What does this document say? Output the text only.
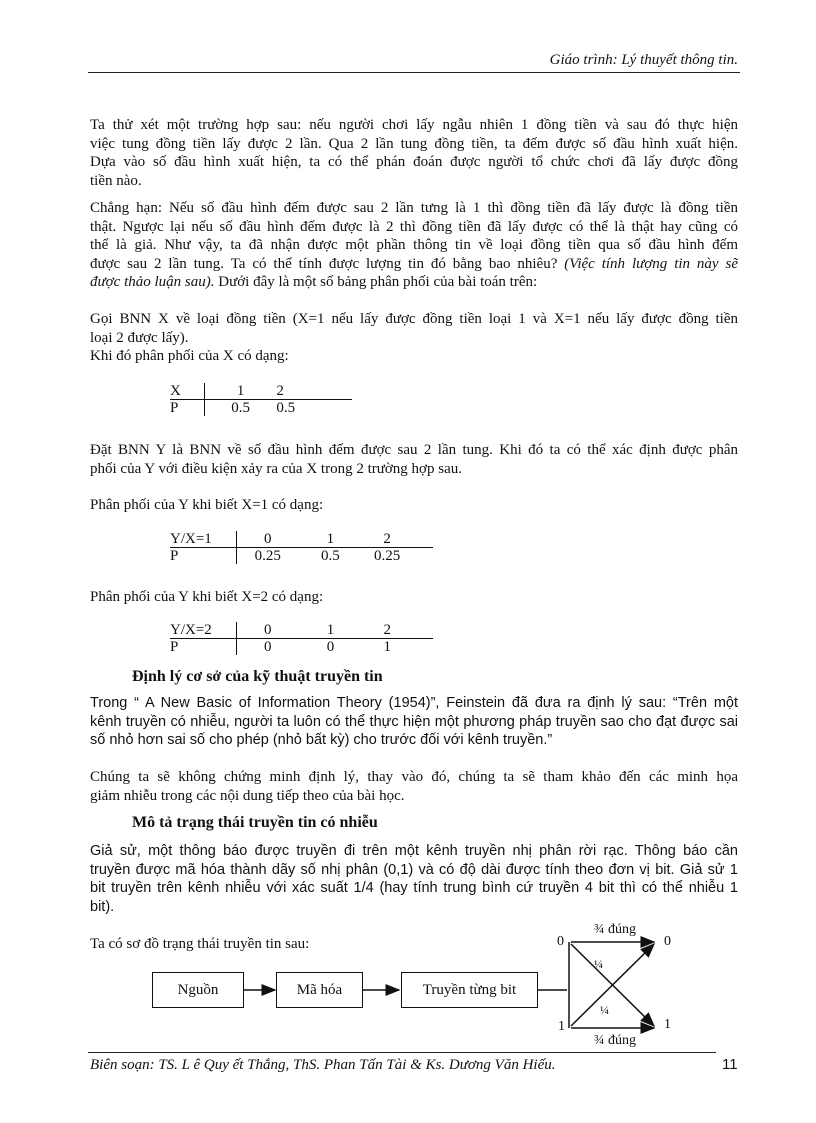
Giáo trình: Lý thuyết thông tin.
Ta thử xét một trường hợp sau: nếu người chơi lấy ngẫu nhiên 1 đồng tiền và sau đó thực hiện
việc tung đồng tiền lấy được 2 lần. Qua 2 lần tung đồng tiền, ta đếm được số đầu hình xuất hiện.
Dựa vào số đầu hình xuất hiện, ta có thể phán đoán được người tổ chức chơi đã lấy được đồng
tiền nào.
Chẳng hạn: Nếu số đầu hình đếm được sau 2 lần tưng là 1 thì đồng tiền đã lấy được là đồng tiền
thật. Ngược lại nếu số đầu hình đếm được là 2 thì đồng tiền đã lấy được có thể là thật hay cũng có
thể là giả. Như vậy, ta đã nhận được một phần thông tin về loại đồng tiền qua số đầu hình đếm
được sau 2 lần tung. Ta có thể tính được lượng tin đó bằng bao nhiêu? (Việc tính lượng tin này sẽ
được thảo luận sau). Dưới đây là một số bảng phân phối của bài toán trên:
Gọi BNN X về loại đồng tiền (X=1 nếu lấy được đồng tiền loại 1 và X=1 nếu lấy được đồng tiền
loại 2 được lấy).
Khi đó phân phối của X có dạng:
X	1	2	
P	0.5	0.5	
Đặt BNN Y là BNN về số đầu hình đếm được sau 2 lần tung. Khi đó ta có thể xác định được phân
phối của Y với điều kiện xảy ra của X trong 2 trường hợp sau.
Phân phối của Y khi biết X=1 có dạng:
Y/X=1	0	1	2	
P	0.25	0.5	0.25	
Phân phối của Y khi biết X=2 có dạng:
Y/X=2	0	1	2	
P	0	0	1	
Định lý cơ sở của kỹ thuật truyền tin
Trong “ A New Basic of Information Theory (1954)”, Feinstein đã đưa ra định lý sau: “Trên một
kênh truyền có nhiễu, người ta luôn có thể thực hiện một phương pháp truyền sao cho đạt được sai
số nhỏ hơn sai số cho phép (nhỏ bất kỳ) cho trước đối với kênh truyền.”
Chúng ta sẽ không chứng minh định lý, thay vào đó, chúng ta sẽ tham khảo đến các minh họa
giảm nhiễu trong các nội dung tiếp theo của bài học.
Mô tả trạng thái truyền tin có nhiễu
Giả sử, một thông báo được truyền đi trên một kênh truyền nhị phân rời rạc. Thông báo cần
truyền được mã hóa thành dãy số nhị phân (0,1) và có độ dài được tính theo đơn vị bit. Giả sử 1
bit truyền trên kênh nhiễu với xác suất 1/4 (hay tính trung bình cứ truyền 4 bit thì có thể nhiễu 1
bit).
Ta có sơ đồ trạng thái truyền tin sau:
Nguồn	Mã hóa	Truyền từng bit
0
1
0
1
¾ đúng
¾ đúng
¼
¼
Biên soạn: TS. L ê Quy ết Thắng, ThS. Phan Tấn Tài & Ks. Dương Văn Hiếu.	11
